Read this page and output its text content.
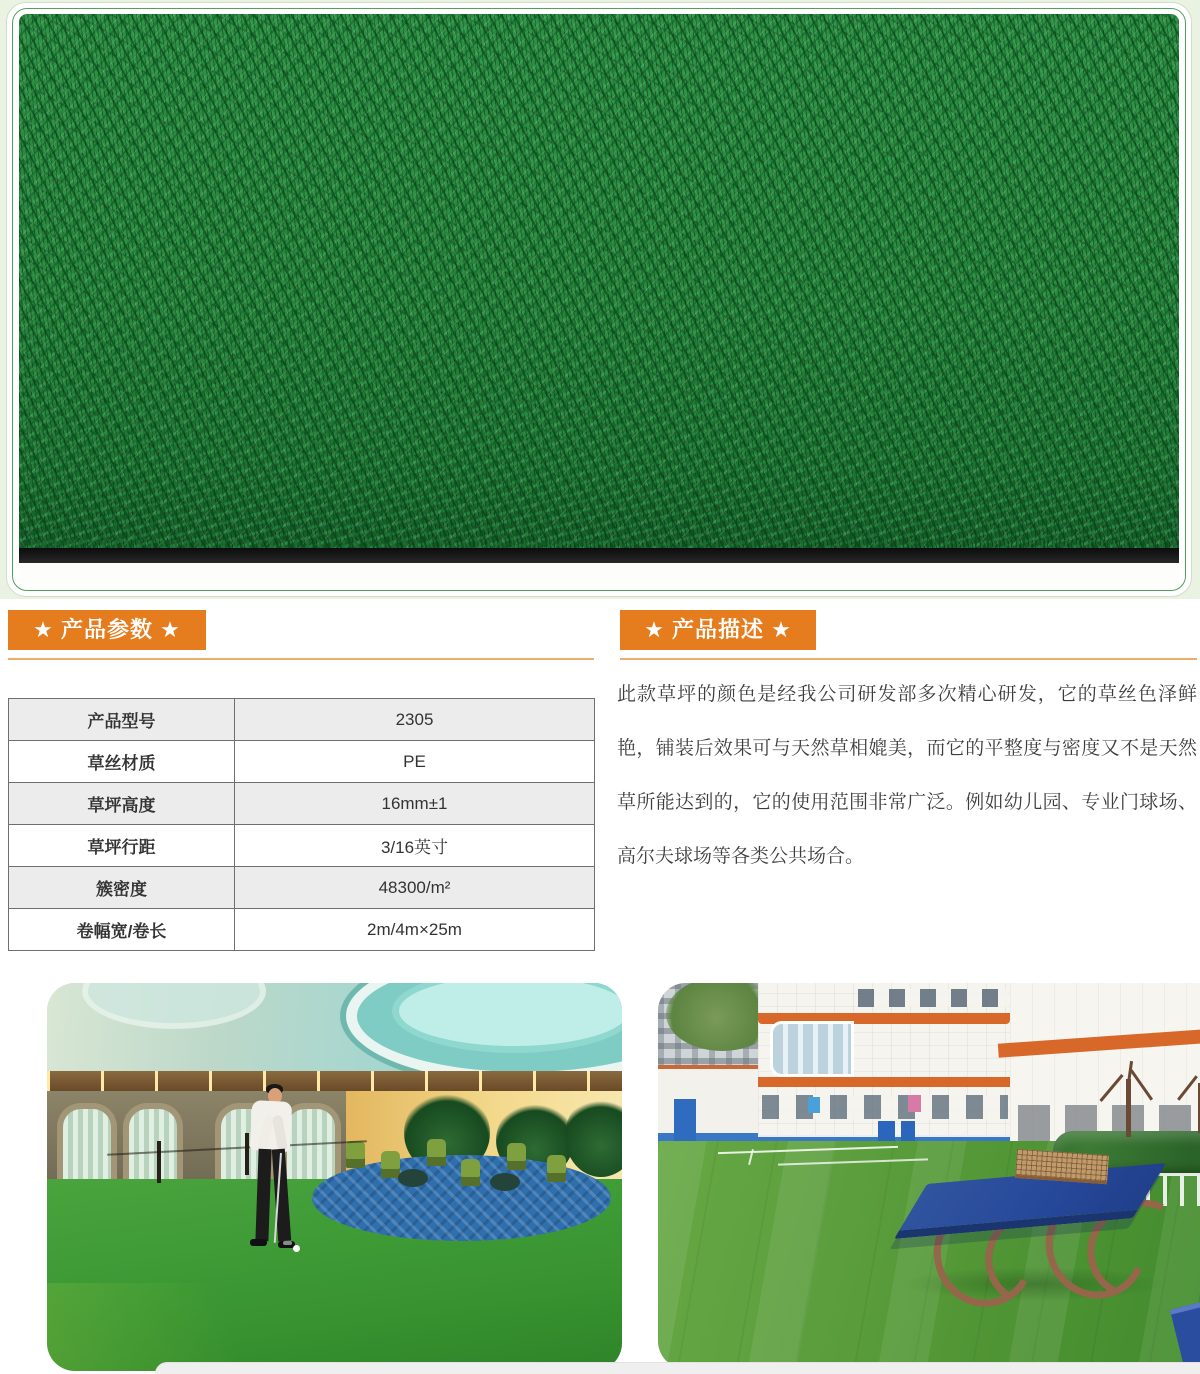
★ 产品参数 ★
产品型号	2305
草丝材质	PE
草坪高度	16mm±1
草坪行距	3/16英寸
簇密度	48300/m²
卷幅宽/卷长	2m/4m×25m
★ 产品描述 ★

此款草坪的颜色是经我公司研发部多次精心研发，它的草丝色泽鲜艳，铺装后效果可与天然草相媲美，而它的平整度与密度又不是天然草所能达到的，它的使用范围非常广泛。例如幼儿园、专业门球场、高尔夫球场等各类公共场合。
